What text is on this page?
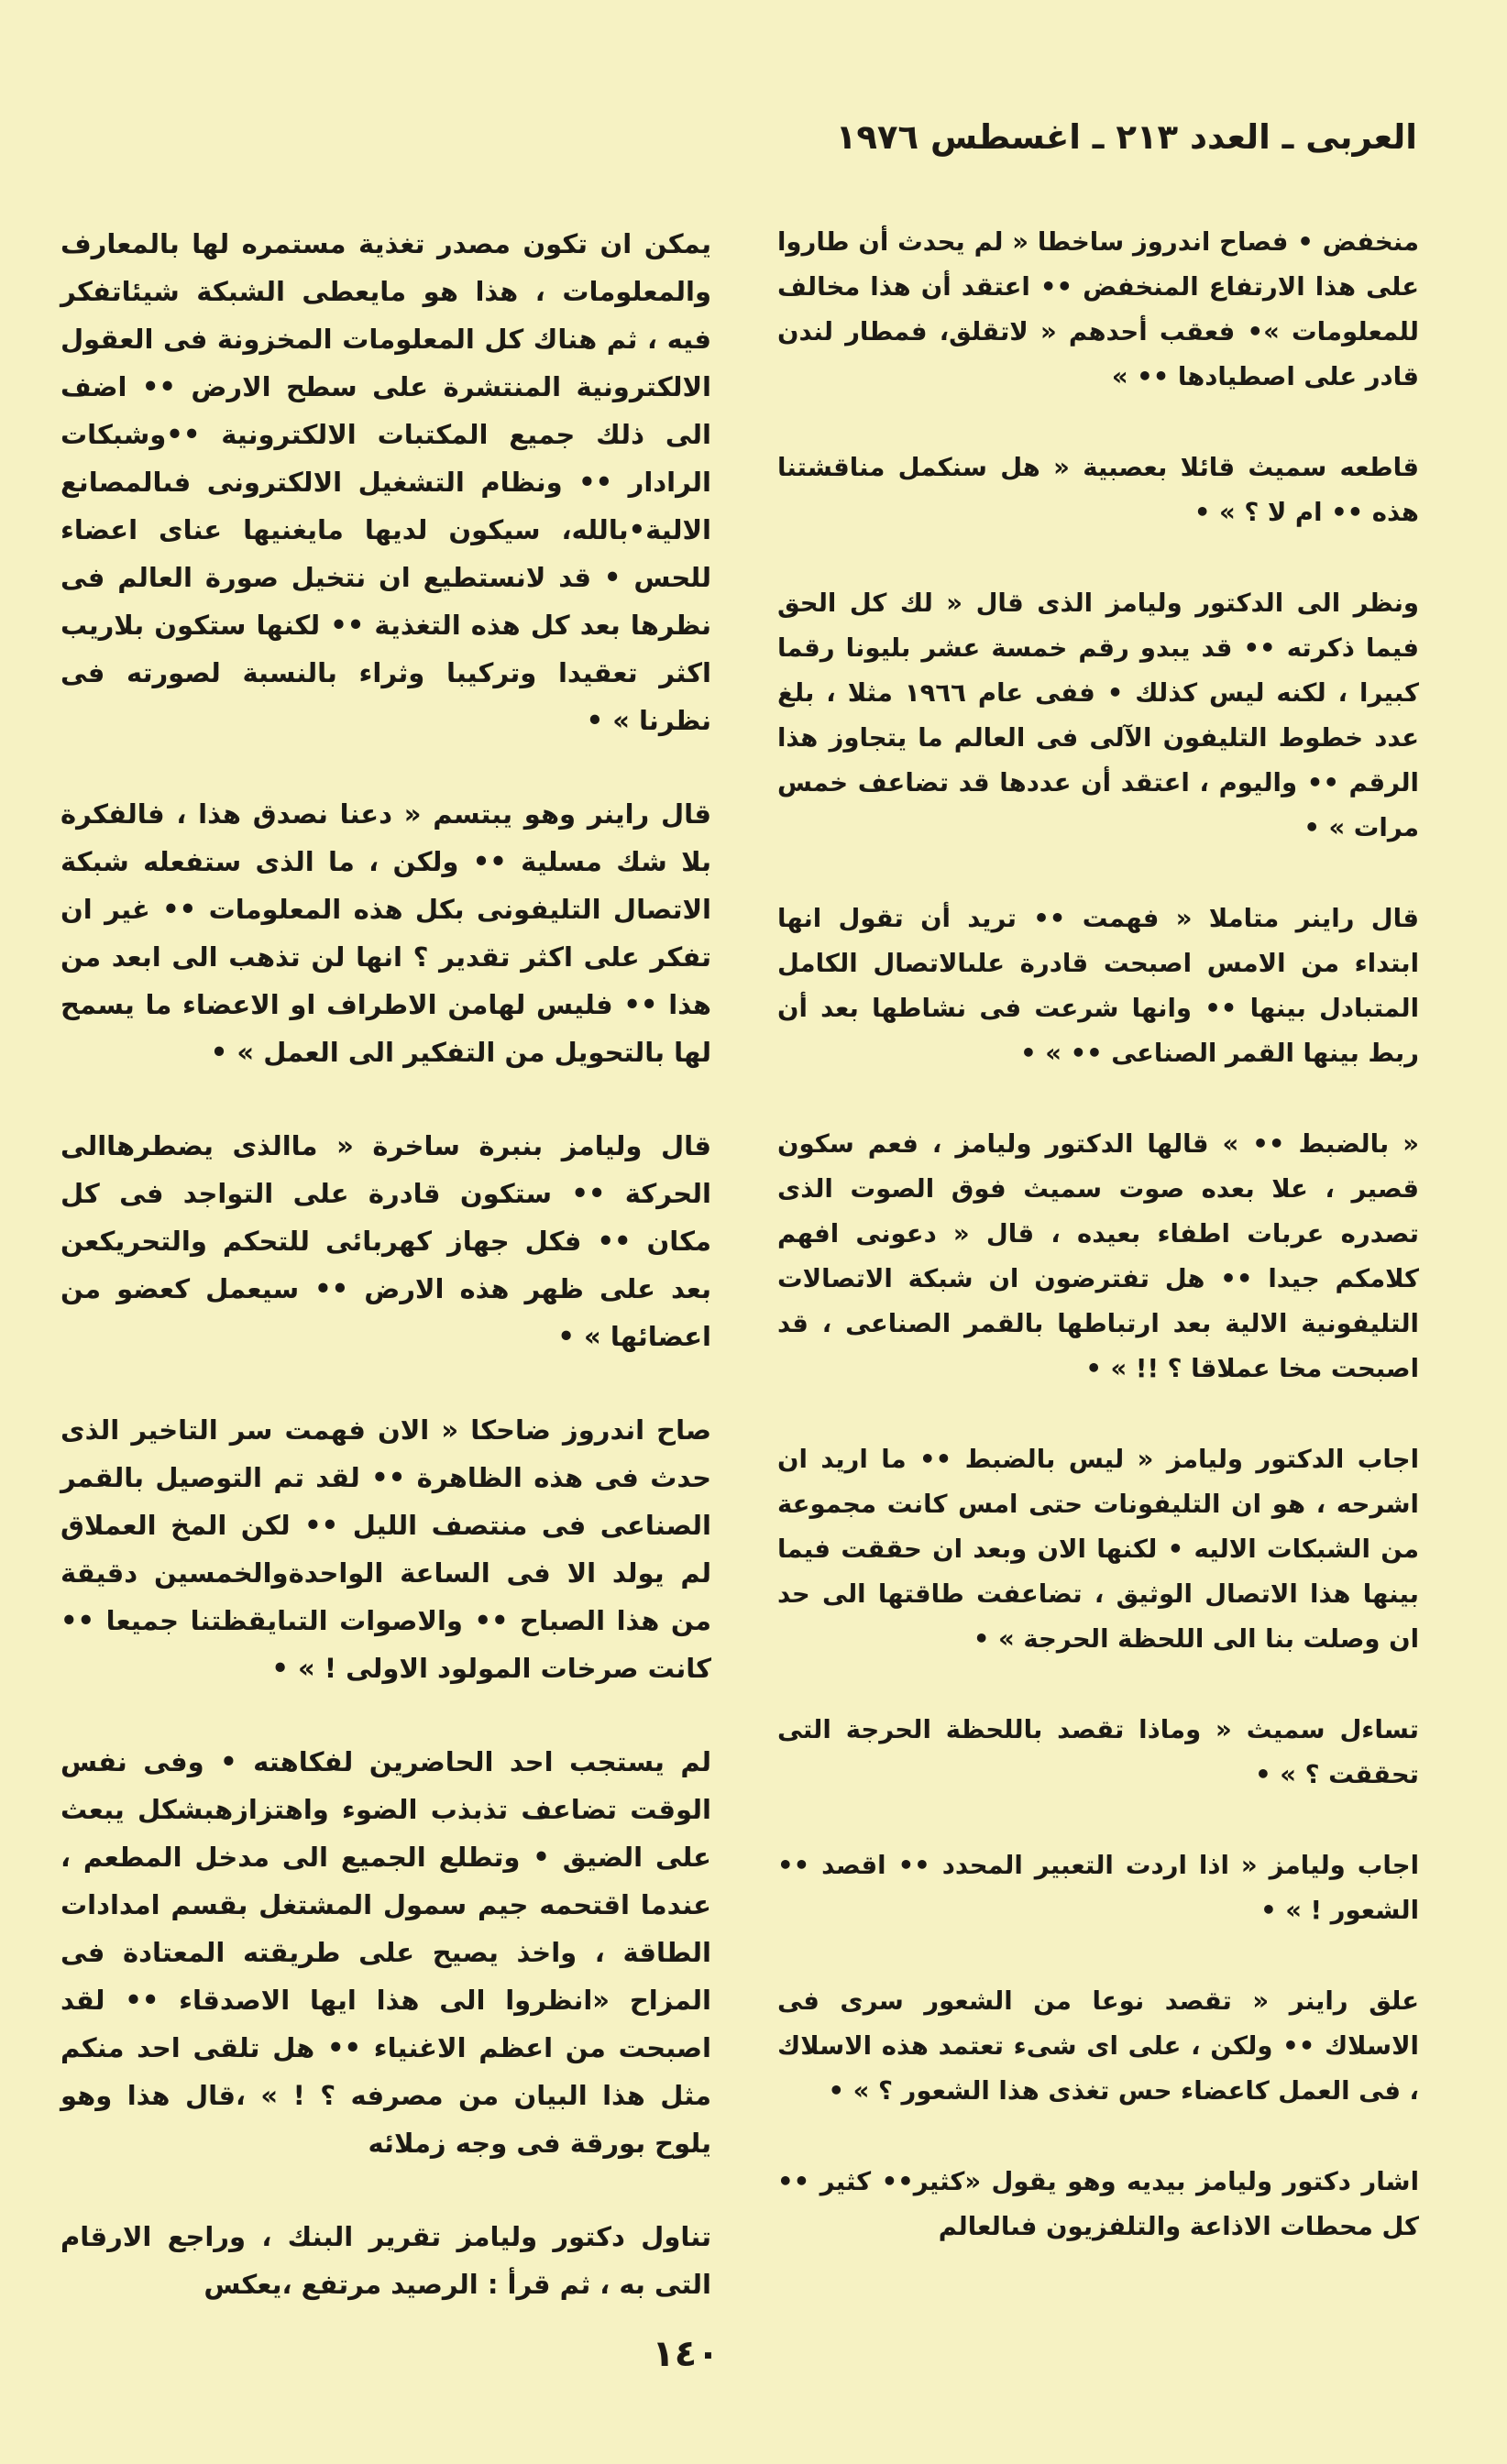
العربى ـ العدد ٢١٣ ـ اغسطس ١٩٧٦

منخفض • فصاح اندروز ساخطا « لم يحدث أن طاروا على هذا الارتفاع المنخفض •• اعتقد أن هذا مخالف للمعلومات »• فعقب أحدهم « لاتقلق، فمطار لندن قادر على اصطيادها •• »

قاطعه سميث قائلا بعصبية « هل سنكمل مناقشتنا هذه •• ام لا ؟ » •

ونظر الى الدكتور وليامز الذى قال « لك كل الحق فيما ذكرته •• قد يبدو رقم خمسة عشر بليونا رقما كبيرا ، لكنه ليس كذلك • ففى عام ١٩٦٦ مثلا ، بلغ عدد خطوط التليفون الآلى فى العالم ما يتجاوز هذا الرقم •• واليوم ، اعتقد أن عددها قد تضاعف خمس مرات » •

قال راينر متاملا « فهمت •• تريد أن تقول انها ابتداء من الامس اصبحت قادرة علىالاتصال الكامل المتبادل بينها •• وانها شرعت فى نشاطها بعد أن ربط بينها القمر الصناعى •• » •

« بالضبط •• » قالها الدكتور وليامز ، فعم سكون قصير ، علا بعده صوت سميث فوق الصوت الذى تصدره عربات اطفاء بعيده ، قال « دعونى افهم كلامكم جيدا •• هل تفترضون ان شبكة الاتصالات التليفونية الالية بعد ارتباطها بالقمر الصناعى ، قد اصبحت مخا عملاقا ؟ !! » •

اجاب الدكتور وليامز « ليس بالضبط •• ما اريد ان اشرحه ، هو ان التليفونات حتى امس كانت مجموعة من الشبكات الاليه • لكنها الان وبعد ان حققت فيما بينها هذا الاتصال الوثيق ، تضاعفت طاقتها الى حد ان وصلت بنا الى اللحظة الحرجة » •

تساءل سميث « وماذا تقصد باللحظة الحرجة التى تحققت ؟ » •

اجاب وليامز « اذا اردت التعبير المحدد •• اقصد •• الشعور ! » •

علق راينر « تقصد نوعا من الشعور سرى فى الاسلاك •• ولكن ، على اى شىء تعتمد هذه الاسلاك ، فى العمل كاعضاء حس تغذى هذا الشعور ؟ » •

اشار دكتور وليامز بيديه وهو يقول «كثير•• كثير •• كل محطات الاذاعة والتلفزيون فىالعالم

يمكن ان تكون مصدر تغذية مستمره لها بالمعارف والمعلومات ، هذا هو مايعطى الشبكة شيئاتفكر فيه ، ثم هناك كل المعلومات المخزونة فى العقول الالكترونية المنتشرة على سطح الارض •• اضف الى ذلك جميع المكتبات الالكترونية ••وشبكات الرادار •• ونظام التشغيل الالكترونى فىالمصانع الالية•بالله، سيكون لديها مايغنيها عناى اعضاء للحس • قد لانستطيع ان نتخيل صورة العالم فى نظرها بعد كل هذه التغذية •• لكنها ستكون بلاريب اكثر تعقيدا وتركيبا وثراء بالنسبة لصورته فى نظرنا » •

قال راينر وهو يبتسم « دعنا نصدق هذا ، فالفكرة بلا شك مسلية •• ولكن ، ما الذى ستفعله شبكة الاتصال التليفونى بكل هذه المعلومات •• غير ان تفكر على اكثر تقدير ؟ انها لن تذهب الى ابعد من هذا •• فليس لهامن الاطراف او الاعضاء ما يسمح لها بالتحويل من التفكير الى العمل » •

قال وليامز بنبرة ساخرة « ماالذى يضطرهاالى الحركة •• ستكون قادرة على التواجد فى كل مكان •• فكل جهاز كهربائى للتحكم والتحريكعن بعد على ظهر هذه الارض •• سيعمل كعضو من اعضائها » •

صاح اندروز ضاحكا « الان فهمت سر التاخير الذى حدث فى هذه الظاهرة •• لقد تم التوصيل بالقمر الصناعى فى منتصف الليل •• لكن المخ العملاق لم يولد الا فى الساعة الواحدةوالخمسين دقيقة من هذا الصباح •• والاصوات التىايقظتنا جميعا •• كانت صرخات المولود الاولى ! » •

لم يستجب احد الحاضرين لفكاهته • وفى نفس الوقت تضاعف تذبذب الضوء واهتزازهبشكل يبعث على الضيق • وتطلع الجميع الى مدخل المطعم ، عندما اقتحمه جيم سمول المشتغل بقسم امدادات الطاقة ، واخذ يصيح على طريقته المعتادة فى المزاح «انظروا الى هذا ايها الاصدقاء •• لقد اصبحت من اعظم الاغنياء •• هل تلقى احد منكم مثل هذا البيان من مصرفه ؟ ! » ،قال هذا وهو يلوح بورقة فى وجه زملائه

تناول دكتور وليامز تقرير البنك ، وراجع الارقام التى به ، ثم قرأ : الرصيد مرتفع ،يعكس

١٤٠
